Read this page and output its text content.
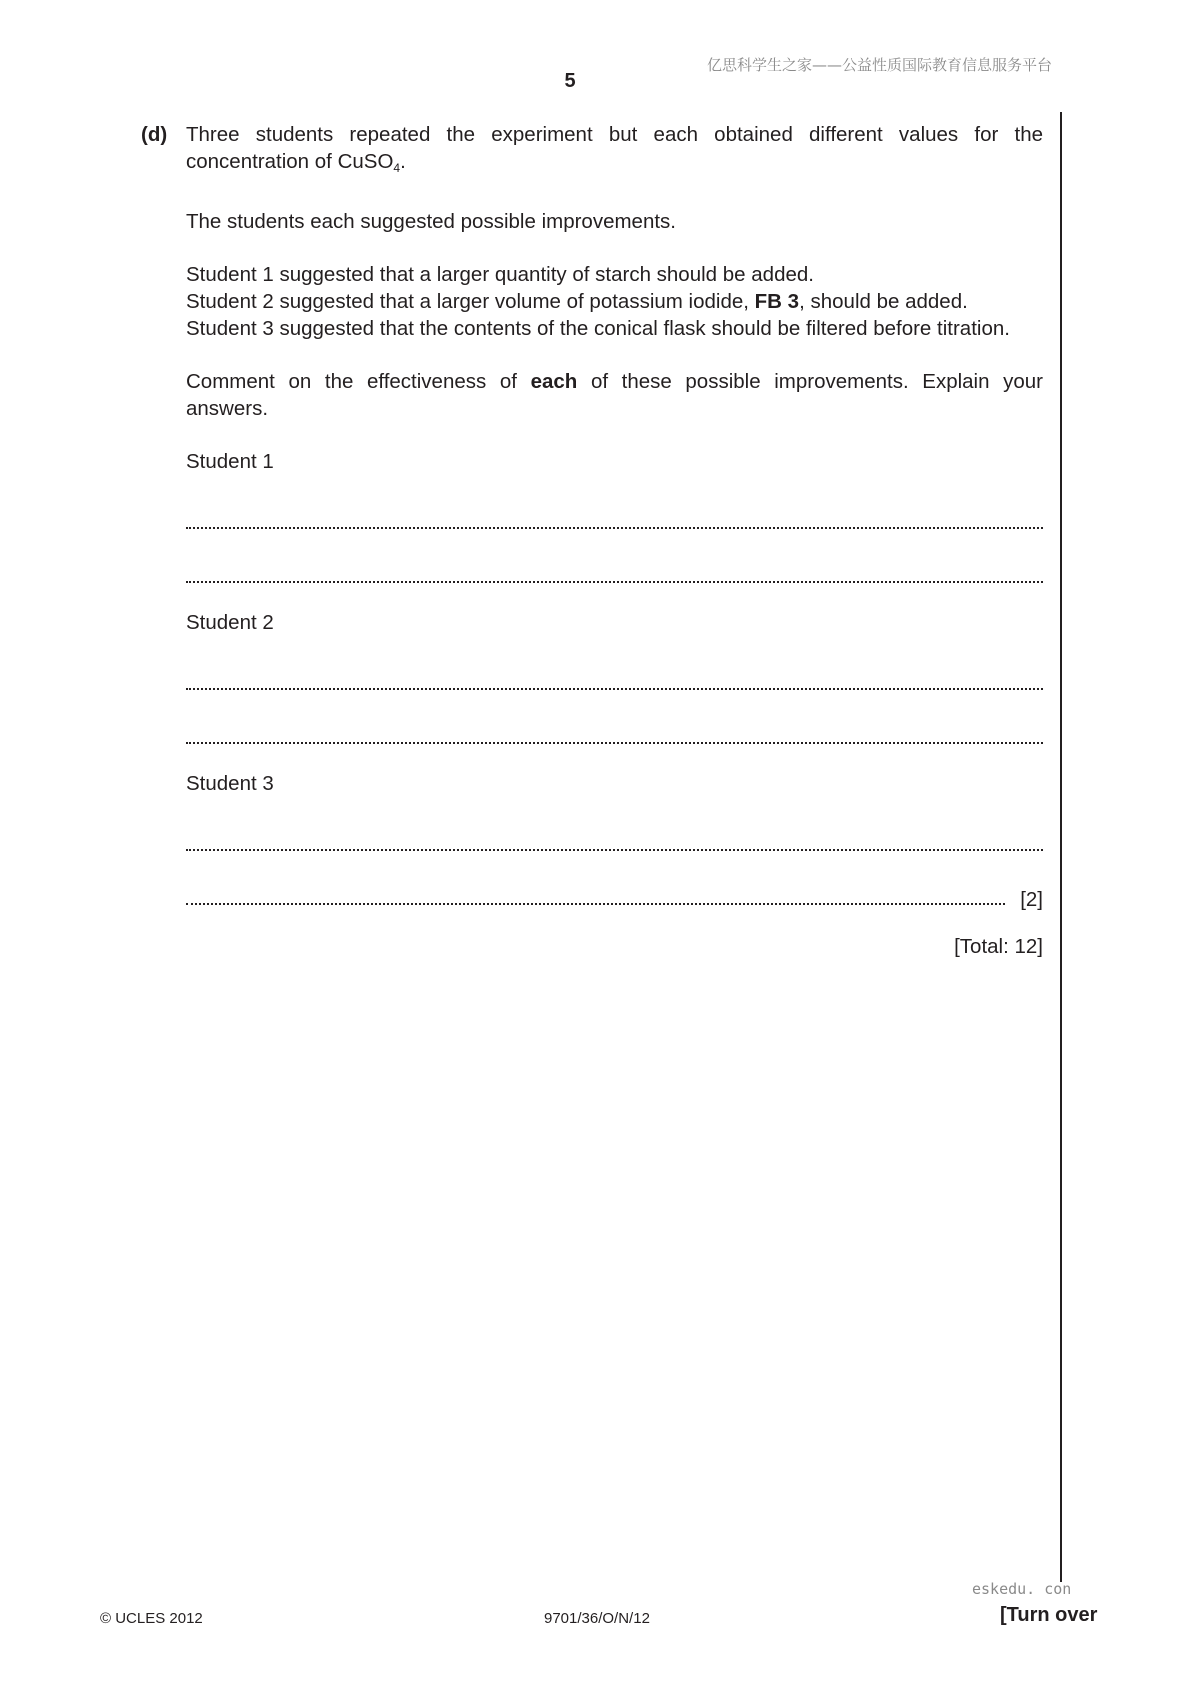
亿思科学生之家——公益性质国际教育信息服务平台
5
(d) Three students repeated the experiment but each obtained different values for the concentration of CuSO$_4$.

The students each suggested possible improvements.

Student 1 suggested that a larger quantity of starch should be added.

Student 2 suggested that a larger volume of potassium iodide, FB 3, should be added.

Student 3 suggested that the contents of the conical flask should be filtered before titration.

Comment on the effectiveness of each of these possible improvements. Explain your answers.

Student 1
Student 2
Student 3
[2]
[Total: 12]
eskedu. con
© UCLES 2012	9701/36/O/N/12	[Turn over
